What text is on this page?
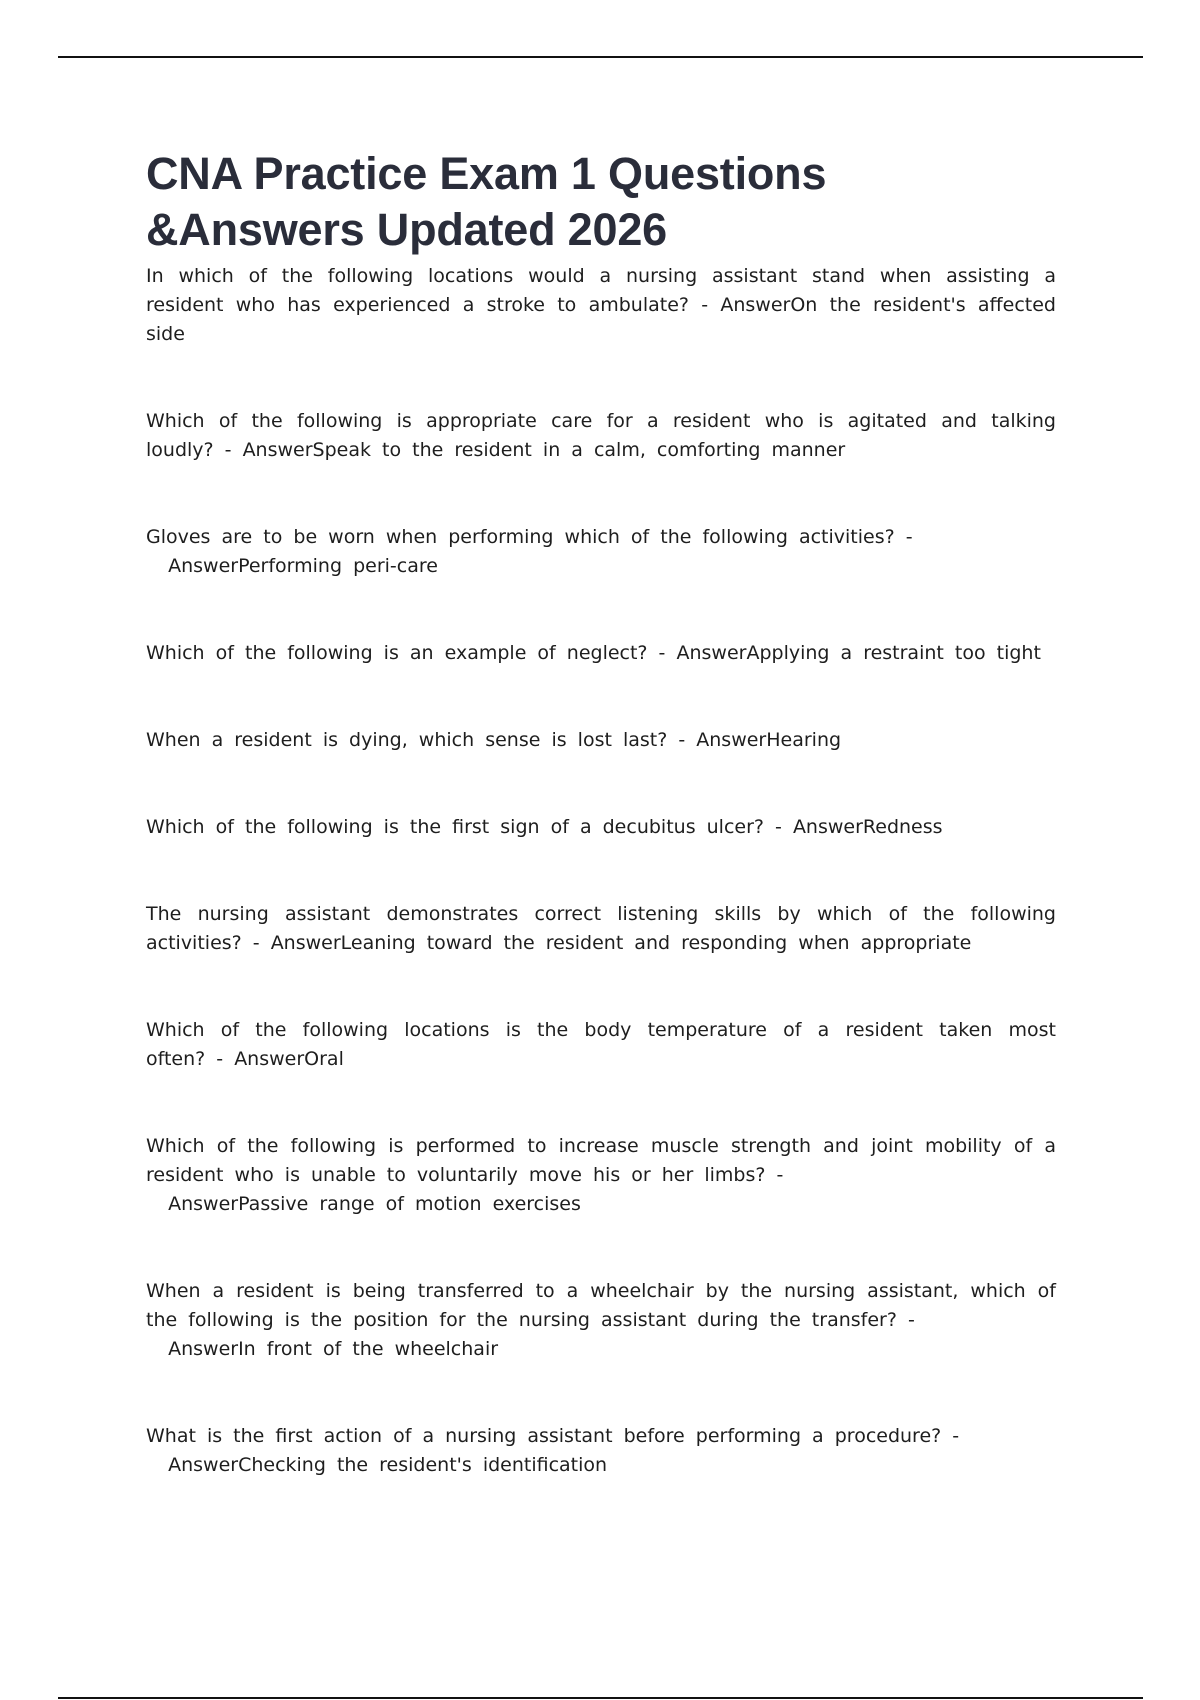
CNA Practice Exam 1 Questions &Answers Updated 2026
In which of the following locations would a nursing assistant stand when assisting a resident who has experienced a stroke to ambulate? - AnswerOn the resident's affected side
Which of the following is appropriate care for a resident who is agitated and talking loudly? - AnswerSpeak to the resident in a calm, comforting manner
Gloves are to be worn when performing which of the following activities? -
AnswerPerforming peri-care
Which of the following is an example of neglect? - AnswerApplying a restraint too tight
When a resident is dying, which sense is lost last? - AnswerHearing
Which of the following is the first sign of a decubitus ulcer? - AnswerRedness
The nursing assistant demonstrates correct listening skills by which of the following activities? - AnswerLeaning toward the resident and responding when appropriate
Which of the following locations is the body temperature of a resident taken most often? - AnswerOral
Which of the following is performed to increase muscle strength and joint mobility of a resident who is unable to voluntarily move his or her limbs? -
AnswerPassive range of motion exercises
When a resident is being transferred to a wheelchair by the nursing assistant, which of the following is the position for the nursing assistant during the transfer? -
AnswerIn front of the wheelchair
What is the first action of a nursing assistant before performing a procedure? -
AnswerChecking the resident's identification
